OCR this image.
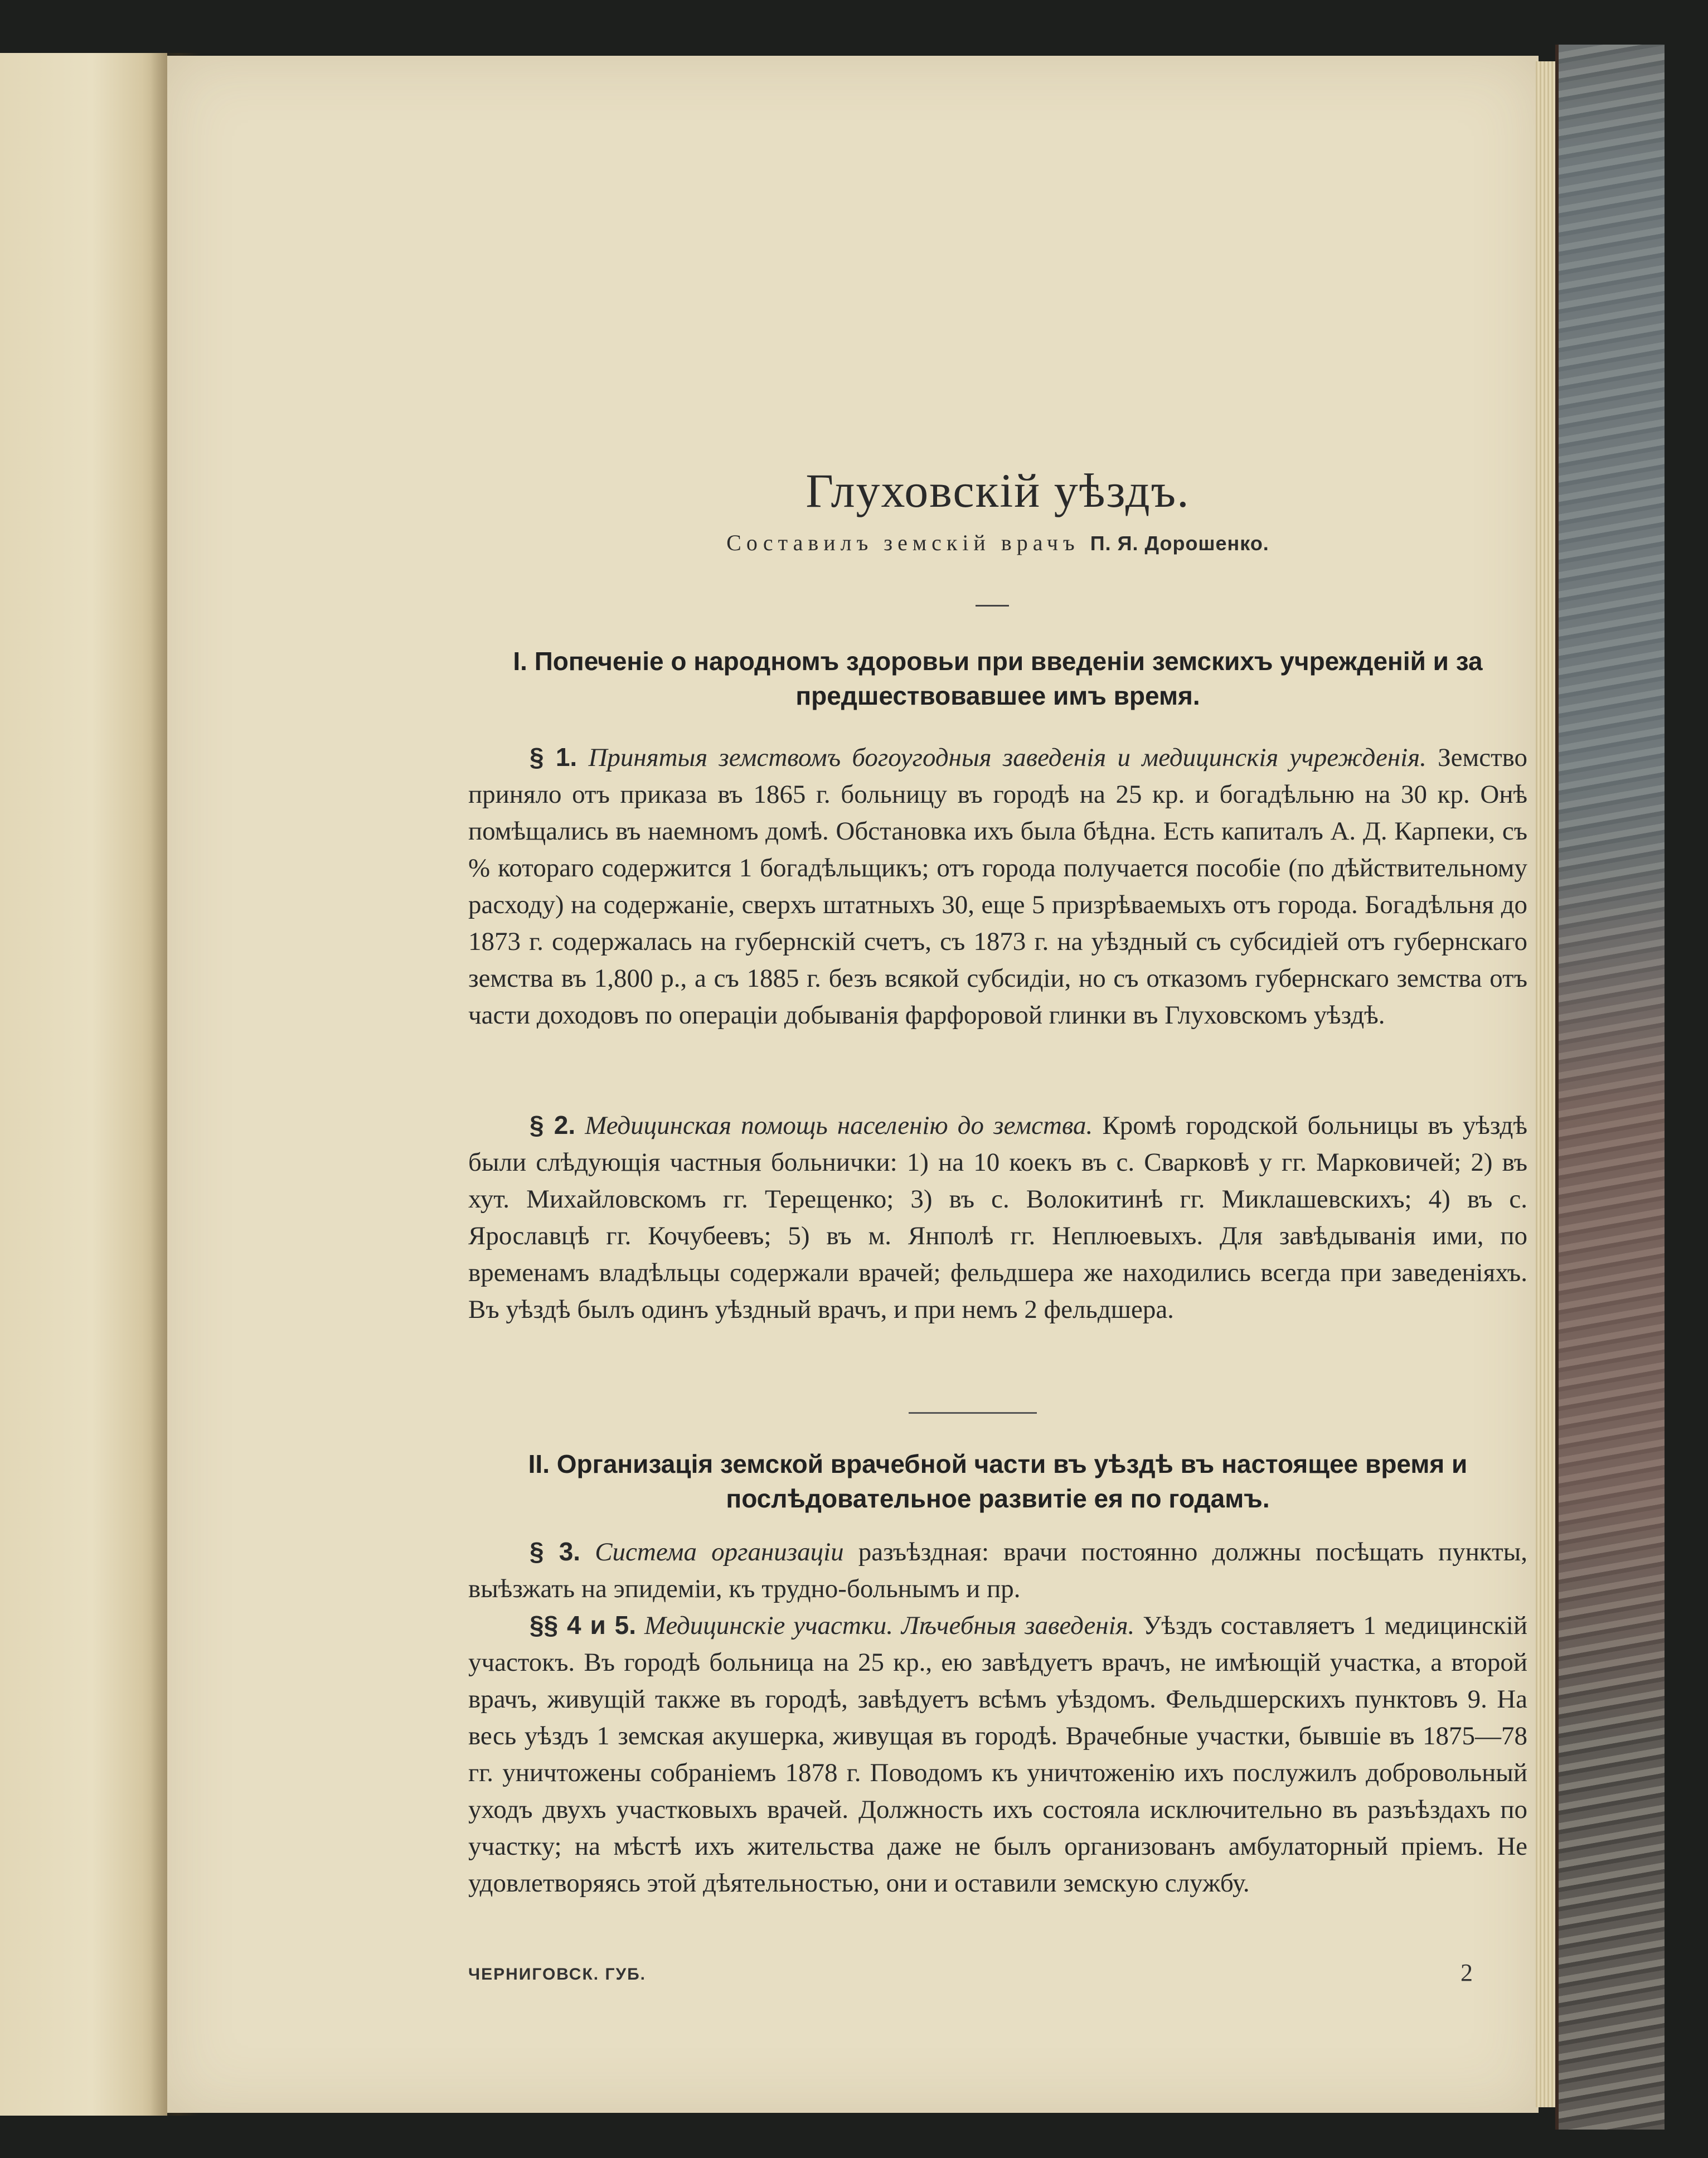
Глуховскій уѣздъ.
Составилъ земскій врачъ П. Я. Дорошенко.
I. Попеченіе о народномъ здоровьи при введеніи земскихъ учрежденій и за
предшествовавшее имъ время.
§ 1. Принятыя земствомъ богоугодныя заведенія и медицинскія учрежденія. Земство приняло отъ приказа въ 1865 г. больницу въ городѣ на 25 кр. и богадѣльню на 30 кр. Онѣ помѣщались въ наемномъ домѣ. Обстановка ихъ была бѣдна. Есть капиталъ А. Д. Карпеки, съ % котораго содержится 1 богадѣльщикъ; отъ города получается пособіе (по дѣйствительному расходу) на содержаніе, сверхъ штатныхъ 30, еще 5 призрѣваемыхъ отъ города. Богадѣльня до 1873 г. содержалась на губернскій счетъ, съ 1873 г. на уѣздный съ субсидіей отъ губернскаго земства въ 1,800 р., а съ 1885 г. безъ всякой субсидіи, но съ отказомъ губернскаго земства отъ части доходовъ по операціи добыванія фарфоровой глинки въ Глуховскомъ уѣздѣ.
§ 2. Медицинская помощь населенію до земства. Кромѣ городской больницы въ уѣздѣ были слѣдующія частныя больнички: 1) на 10 коекъ въ с. Сварковѣ у гг. Марковичей; 2) въ хут. Михайловскомъ гг. Терещенко; 3) въ с. Волокитинѣ гг. Миклашевскихъ; 4) въ с. Ярославцѣ гг. Кочубеевъ; 5) въ м. Янполѣ гг. Неплюевыхъ. Для завѣдыванія ими, по временамъ владѣльцы содержали врачей; фельдшера же находились всегда при заведеніяхъ. Въ уѣздѣ былъ одинъ уѣздный врачъ, и при немъ 2 фельдшера.
II. Организація земской врачебной части въ уѣздѣ въ настоящее время и
послѣдовательное развитіе ея по годамъ.
§ 3. Система организаціи разъѣздная: врачи постоянно должны посѣщать пункты, выѣзжать на эпидеміи, къ трудно-больнымъ и пр.
§§ 4 и 5. Медицинскіе участки. Лѣчебныя заведенія. Уѣздъ составляетъ 1 медицинскій участокъ. Въ городѣ больница на 25 кр., ею завѣдуетъ врачъ, не имѣющій участка, а второй врачъ, живущій также въ городѣ, завѣдуетъ всѣмъ уѣздомъ. Фельдшерскихъ пунктовъ 9. На весь уѣздъ 1 земская акушерка, живущая въ городѣ. Врачебные участки, бывшіе въ 1875—78 гг. уничтожены собраніемъ 1878 г. Поводомъ къ уничтоженію ихъ послужилъ добровольный уходъ двухъ участковыхъ врачей. Должность ихъ состояла исключительно въ разъѣздахъ по участку; на мѣстѣ ихъ жительства даже не былъ организованъ амбулаторный пріемъ. Не удовлетворяясь этой дѣятельностью, они и оставили земскую службу.
ЧЕРНИГОВСК. ГУБ.	2
